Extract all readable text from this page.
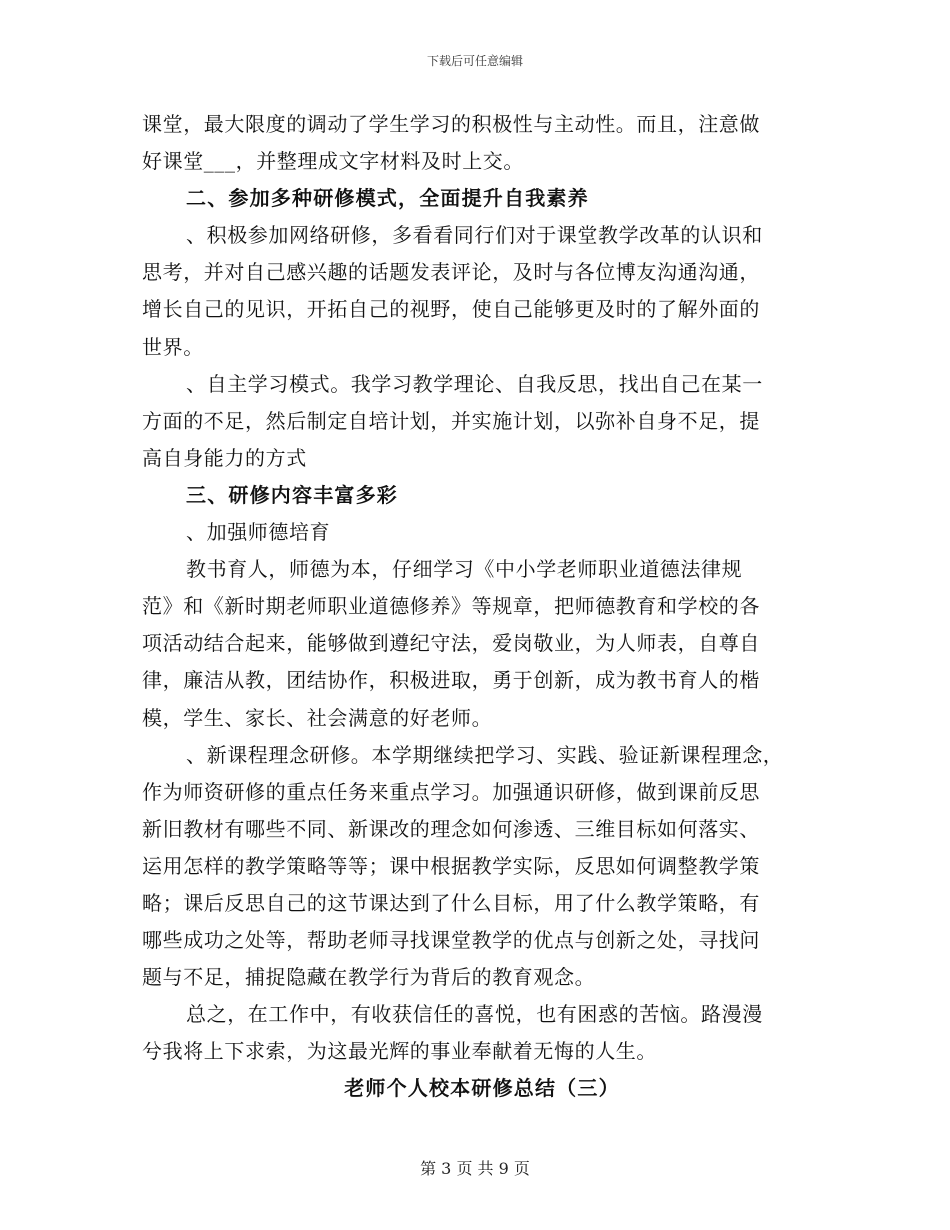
下载后可任意编辑
课堂，最大限度的调动了学生学习的积极性与主动性。而且，注意做
好课堂___，并整理成文字材料及时上交。
二、参加多种研修模式，全面提升自我素养
、积极参加网络研修，多看看同行们对于课堂教学改革的认识和
思考，并对自己感兴趣的话题发表评论，及时与各位博友沟通沟通，
增长自己的见识，开拓自己的视野，使自己能够更及时的了解外面的
世界。
、自主学习模式。我学习教学理论、自我反思，找出自己在某一
方面的不足，然后制定自培计划，并实施计划，以弥补自身不足，提
高自身能力的方式
三、研修内容丰富多彩
、加强师德培育
教书育人，师德为本，仔细学习《中小学老师职业道德法律规
范》和《新时期老师职业道德修养》等规章，把师德教育和学校的各
项活动结合起来，能够做到遵纪守法，爱岗敬业，为人师表，自尊自
律，廉洁从教，团结协作，积极进取，勇于创新，成为教书育人的楷
模，学生、家长、社会满意的好老师。
、新课程理念研修。本学期继续把学习、实践、验证新课程理念，
作为师资研修的重点任务来重点学习。加强通识研修，做到课前反思
新旧教材有哪些不同、新课改的理念如何渗透、三维目标如何落实、
运用怎样的教学策略等等；课中根据教学实际，反思如何调整教学策
略；课后反思自己的这节课达到了什么目标，用了什么教学策略，有
哪些成功之处等，帮助老师寻找课堂教学的优点与创新之处，寻找问
题与不足，捕捉隐藏在教学行为背后的教育观念。
总之，在工作中，有收获信任的喜悦，也有困惑的苦恼。路漫漫
兮我将上下求索，为这最光辉的事业奉献着无悔的人生。
老师个人校本研修总结（三）
第 3 页 共 9 页
